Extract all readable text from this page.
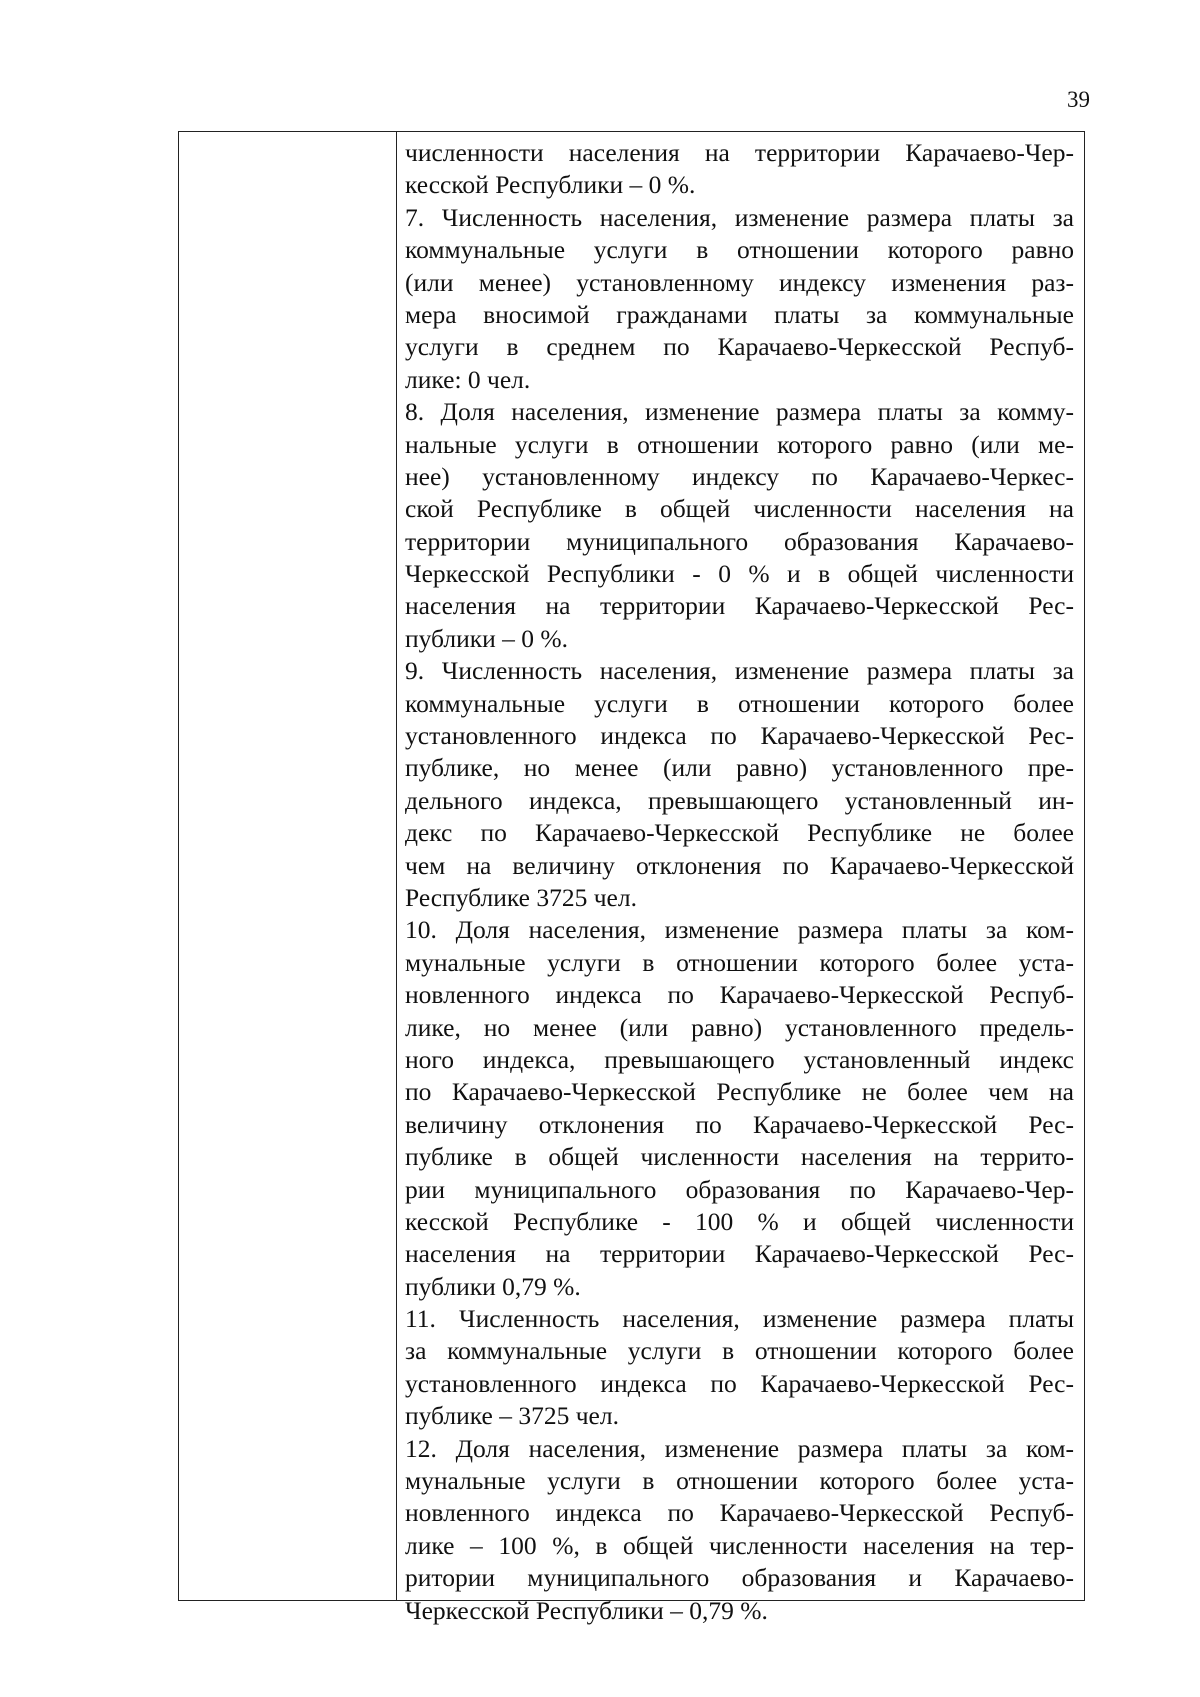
39
численности населения на территории Карачаево-Чер-
кесской Республики – 0 %.
7. Численность населения, изменение размера платы за
коммунальные услуги в отношении которого равно
(или менее) установленному индексу изменения раз-
мера вносимой гражданами платы за коммунальные
услуги в среднем по Карачаево-Черкесской Респуб-
лике: 0 чел.
8. Доля населения, изменение размера платы за комму-
нальные услуги в отношении которого равно (или ме-
нее) установленному индексу по Карачаево-Черкес-
ской Республике в общей численности населения на
территории муниципального образования Карачаево-
Черкесской Республики - 0 % и в общей численности
населения на территории Карачаево-Черкесской Рес-
публики – 0 %.
9. Численность населения, изменение размера платы за
коммунальные услуги в отношении которого более
установленного индекса по Карачаево-Черкесской Рес-
публике, но менее (или равно) установленного пре-
дельного индекса, превышающего установленный ин-
декс по Карачаево-Черкесской Республике не более
чем на величину отклонения по Карачаево-Черкесской
Республике 3725 чел.
10. Доля населения, изменение размера платы за ком-
мунальные услуги в отношении которого более уста-
новленного индекса по Карачаево-Черкесской Респуб-
лике, но менее (или равно) установленного предель-
ного индекса, превышающего установленный индекс
по Карачаево-Черкесской Республике не более чем на
величину отклонения по Карачаево-Черкесской Рес-
публике в общей численности населения на террито-
рии муниципального образования по Карачаево-Чер-
кесской Республике - 100 % и общей численности
населения на территории Карачаево-Черкесской Рес-
публики 0,79 %.
11. Численность населения, изменение размера платы
за коммунальные услуги в отношении которого более
установленного индекса по Карачаево-Черкесской Рес-
публике – 3725 чел.
12. Доля населения, изменение размера платы за ком-
мунальные услуги в отношении которого более уста-
новленного индекса по Карачаево-Черкесской Респуб-
лике – 100 %, в общей численности населения на тер-
ритории муниципального образования и Карачаево-
Черкесской Республики – 0,79 %.
